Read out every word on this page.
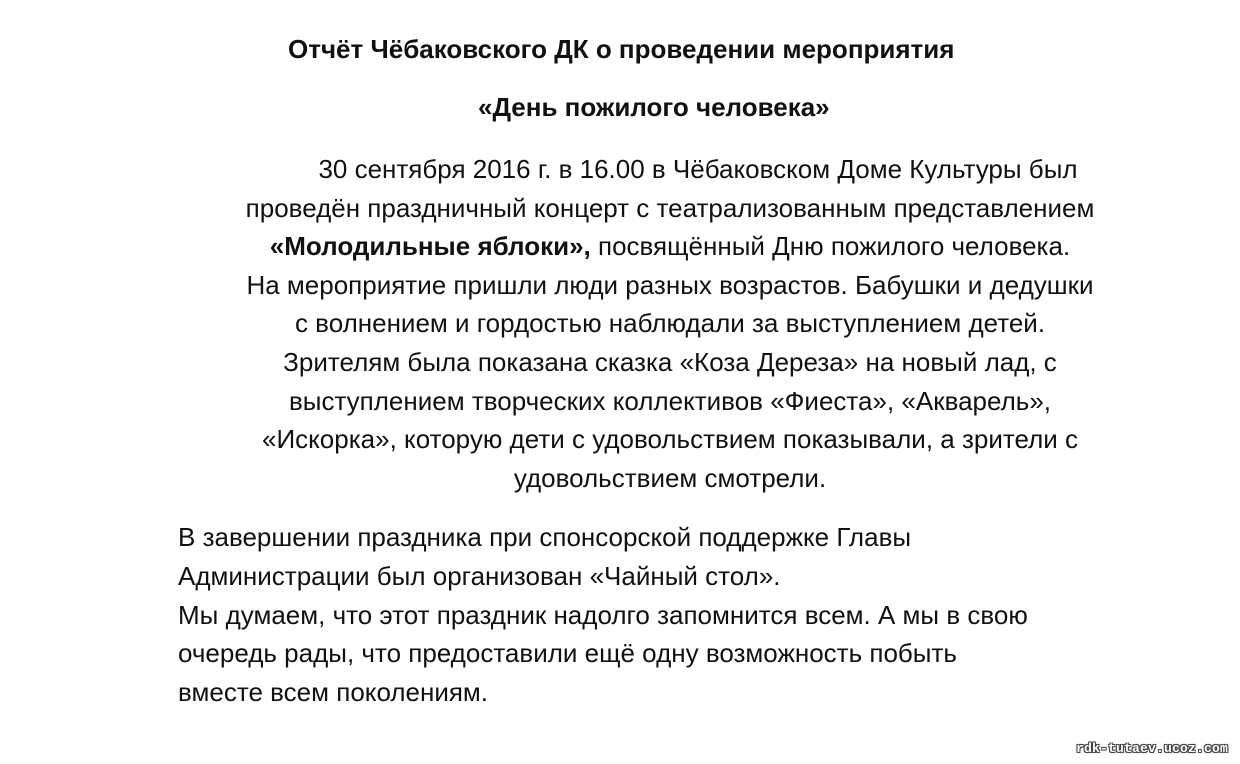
Отчёт Чёбаковского ДК о проведении мероприятия
«День пожилого человека»
30 сентября 2016 г. в 16.00 в Чёбаковском Доме Культуры был
проведён праздничный концерт с театрализованным представлением
«Молодильные яблоки», посвящённый Дню пожилого человека.
На мероприятие пришли люди разных возрастов. Бабушки и дедушки
с волнением и гордостью наблюдали за выступлением детей.
Зрителям была показана сказка «Коза Дереза» на новый лад, с
выступлением творческих коллективов «Фиеста», «Акварель»,
«Искорка», которую дети с удовольствием показывали, а зрители с
удовольствием смотрели.
В завершении праздника при спонсорской поддержке Главы
Администрации был организован «Чайный стол».
Мы думаем, что этот праздник надолго запомнится всем. А мы в свою
очередь рады, что предоставили ещё одну возможность побыть
вместе всем поколениям.
rdk-tutaev.ucoz.com
